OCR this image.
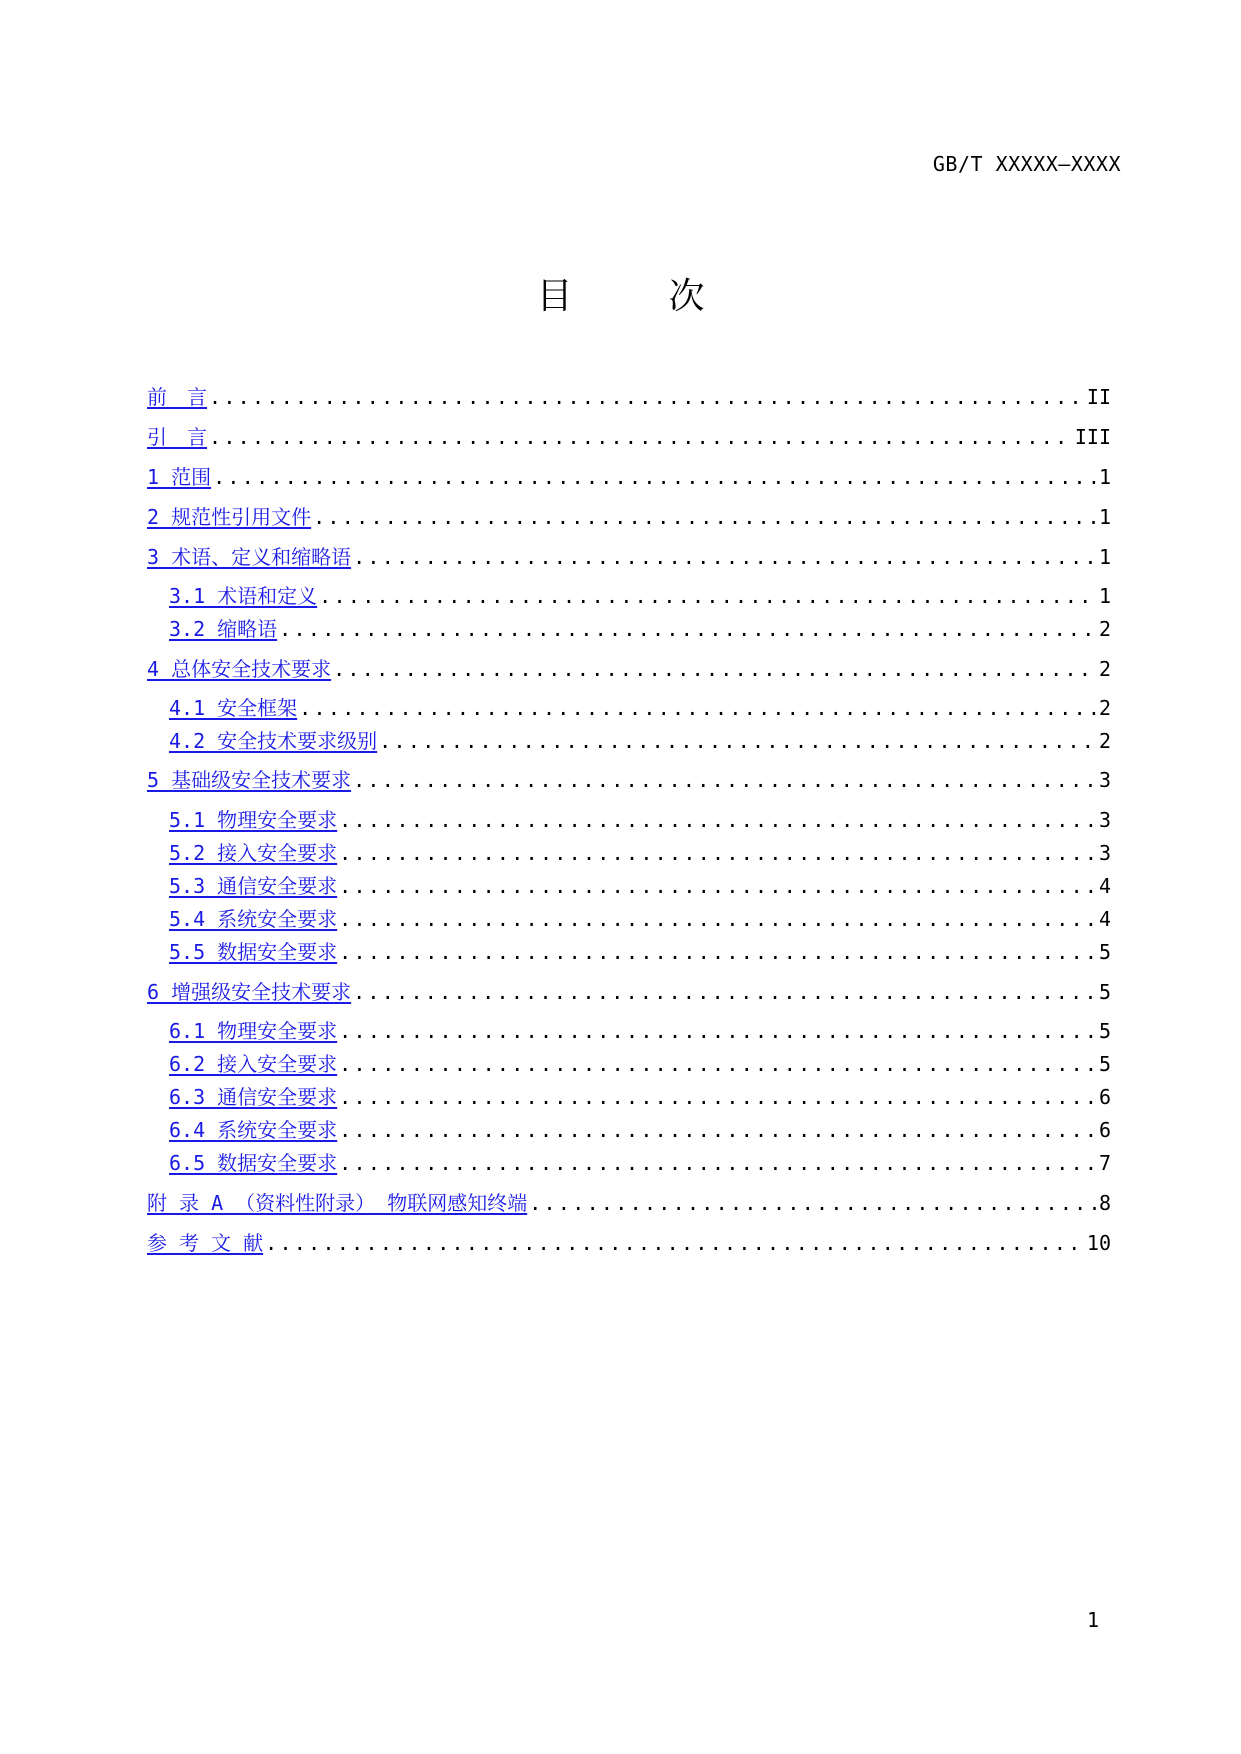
GB/T XXXXX—XXXX
目　次
前　言 .....	II
引　言 .....	III
1 范围 .....	1
2 规范性引用文件 .....	1
3 术语、定义和缩略语 .....	1
3.1 术语和定义 .....	1
3.2 缩略语 .....	2
4 总体安全技术要求 .....	2
4.1 安全框架 .....	2
4.2 安全技术要求级别 .....	2
5 基础级安全技术要求 .....	3
5.1 物理安全要求 .....	3
5.2 接入安全要求 .....	3
5.3 通信安全要求 .....	4
5.4 系统安全要求 .....	4
5.5 数据安全要求 .....	5
6 增强级安全技术要求 .....	5
6.1 物理安全要求 .....	5
6.2 接入安全要求 .....	5
6.3 通信安全要求 .....	6
6.4 系统安全要求 .....	6
6.5 数据安全要求 .....	7
附 录 A （资料性附录） 物联网感知终端 .....	8
参 考 文 献 .....	10
1
